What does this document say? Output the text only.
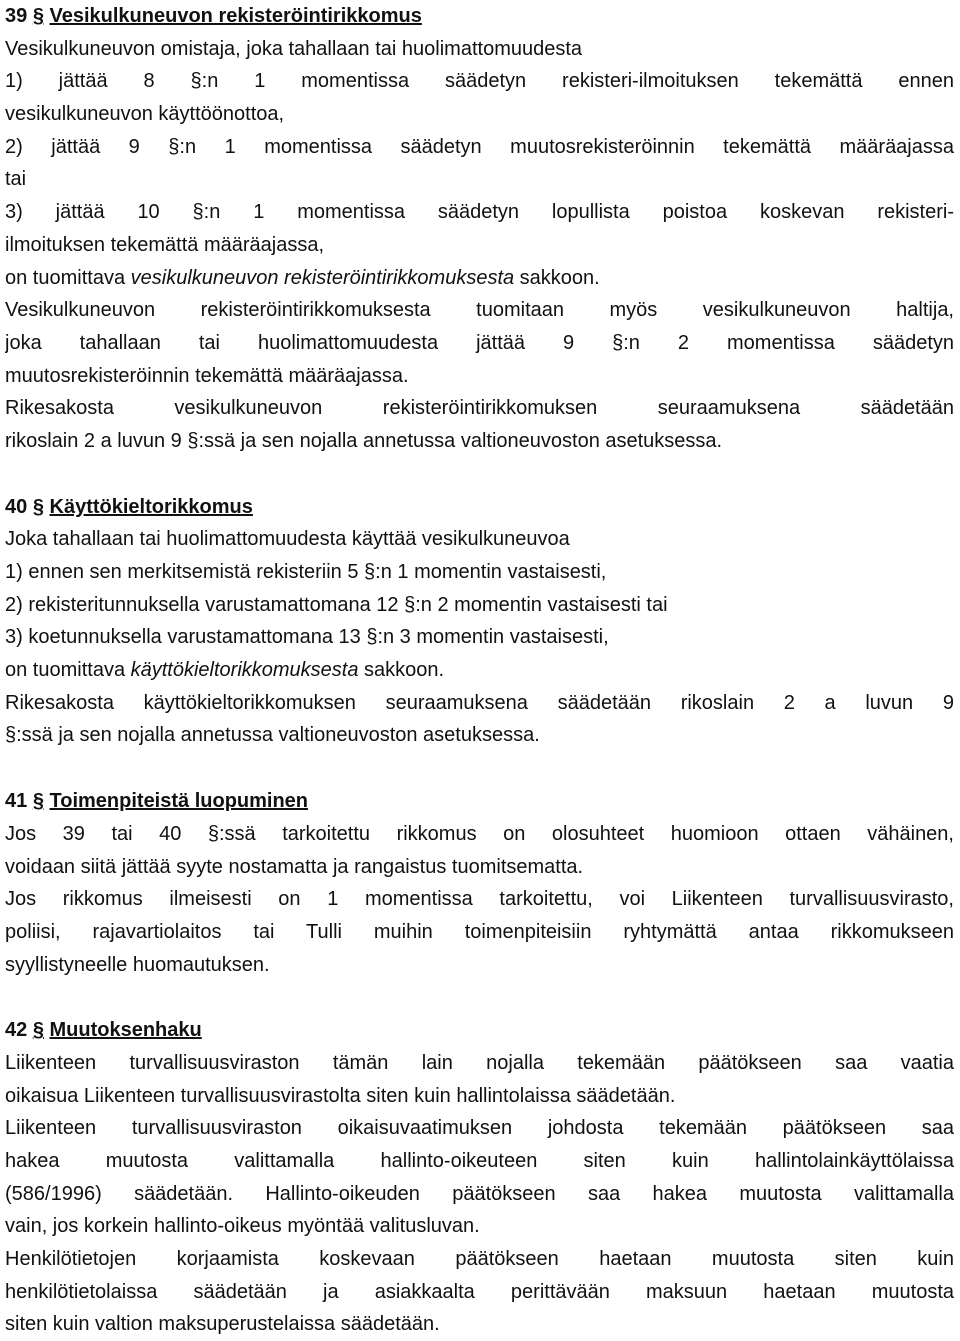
39 § Vesikulkuneuvon rekisteröintirikkomus
Vesikulkuneuvon omistaja, joka tahallaan tai huolimattomuudesta
1) jättää 8 §:n 1 momentissa säädetyn rekisteri-ilmoituksen tekemättä ennen
vesikulkuneuvon käyttöönottoa,
2) jättää 9 §:n 1 momentissa säädetyn muutosrekisteröinnin tekemättä määräajassa
tai
3) jättää 10 §:n 1 momentissa säädetyn lopullista poistoa koskevan rekisteri-
ilmoituksen tekemättä määräajassa,
on tuomittava vesikulkuneuvon rekisteröintirikkomuksesta sakkoon.
Vesikulkuneuvon rekisteröintirikkomuksesta tuomitaan myös vesikulkuneuvon haltija,
joka tahallaan tai huolimattomuudesta jättää 9 §:n 2 momentissa säädetyn
muutosrekisteröinnin tekemättä määräajassa.
Rikesakosta vesikulkuneuvon rekisteröintirikkomuksen seuraamuksena säädetään
rikoslain 2 a luvun 9 §:ssä ja sen nojalla annetussa valtioneuvoston asetuksessa.
40 § Käyttökieltorikkomus
Joka tahallaan tai huolimattomuudesta käyttää vesikulkuneuvoa
1) ennen sen merkitsemistä rekisteriin 5 §:n 1 momentin vastaisesti,
2) rekisteritunnuksella varustamattomana 12 §:n 2 momentin vastaisesti tai
3) koetunnuksella varustamattomana 13 §:n 3 momentin vastaisesti,
on tuomittava käyttökieltorikkomuksesta sakkoon.
Rikesakosta käyttökieltorikkomuksen seuraamuksena säädetään rikoslain 2 a luvun 9
§:ssä ja sen nojalla annetussa valtioneuvoston asetuksessa.
41 § Toimenpiteistä luopuminen
Jos 39 tai 40 §:ssä tarkoitettu rikkomus on olosuhteet huomioon ottaen vähäinen,
voidaan siitä jättää syyte nostamatta ja rangaistus tuomitsematta.
Jos rikkomus ilmeisesti on 1 momentissa tarkoitettu, voi Liikenteen turvallisuusvirasto,
poliisi, rajavartiolaitos tai Tulli muihin toimenpiteisiin ryhtymättä antaa rikkomukseen
syyllistyneelle huomautuksen.
42 § Muutoksenhaku
Liikenteen turvallisuusviraston tämän lain nojalla tekemään päätökseen saa vaatia
oikaisua Liikenteen turvallisuusvirastolta siten kuin hallintolaissa säädetään.
Liikenteen turvallisuusviraston oikaisuvaatimuksen johdosta tekemään päätökseen saa
hakea muutosta valittamalla hallinto-oikeuteen siten kuin hallintolainkäyttölaissa
(586/1996) säädetään. Hallinto-oikeuden päätökseen saa hakea muutosta valittamalla
vain, jos korkein hallinto-oikeus myöntää valitusluvan.
Henkilötietojen korjaamista koskevaan päätökseen haetaan muutosta siten kuin
henkilötietolaissa säädetään ja asiakkaalta perittävään maksuun haetaan muutosta
siten kuin valtion maksuperustelaissa säädetään.
